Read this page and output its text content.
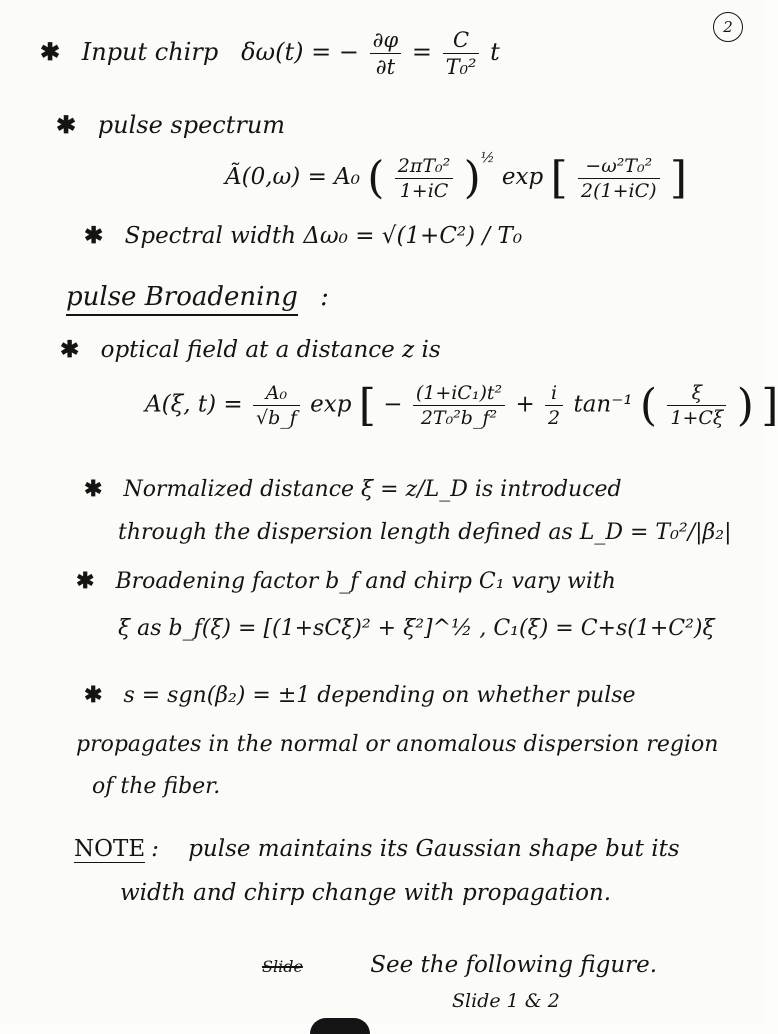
2
✱ Input chirp δω(t) = − $\frac{\partial\varphi}{\partial t} = \frac{C}{\text{T₀²}}$ t
✱ pulse spectrum
Ã(0,ω) = A₀ ( $\frac{\text{2πT₀²}}{1+iC} )^{\frac{1}{2}}$ exp [ $\frac{\text{−ω²T₀²}}{2(1+iC)}$ ]
✱ Spectral width Δω₀ = √(1+C²) / T₀
pulse Broadening :
✱ optical field at a distance z is
A(ξ, $t) = \frac{\text{A₀}}{√b\_f}$ exp [ − $\frac{\text{(1+iC₁)t²}}{\text{2T₀²b\_f²}} + \frac{i}{2} \tan^{-1}$ ( $\frac{\xi}{1+C\xi}$ ) ]
✱ Normalized distance ξ = z/L_D is introduced
through the dispersion length defined as L_D = T₀²/|β₂|
✱ Broadening factor b_f and chirp C₁ vary with
ξ as b_f(ξ) = [(1+sCξ)² + ξ²]^½ , C₁(ξ) = C+s(1+C²)ξ
✱ s = sgn(β₂) = ±1 depending on whether pulse
propagates in the normal or anomalous dispersion region
of the fiber.
NOTE : pulse maintains its Gaussian shape but its
width and chirp change with propagation.
Slide	See the following figure.
Slide 1 & 2
